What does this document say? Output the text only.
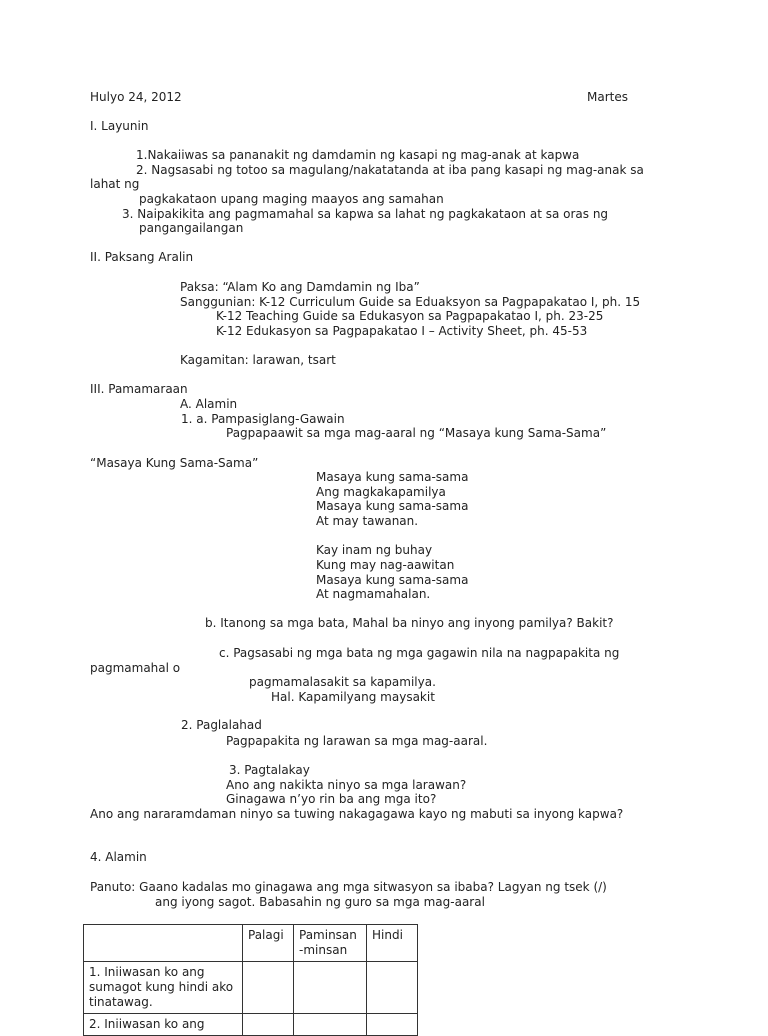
Hulyo 24, 2012	Martes
I. Layunin
1.Nakaiiwas sa pananakit ng damdamin ng kasapi ng mag-anak at kapwa
2. Nagsasabi ng totoo sa magulang/nakatatanda at iba pang kasapi ng mag-anak sa
lahat ng
pagkakataon upang maging maayos ang samahan
3. Naipakikita ang pagmamahal sa kapwa sa lahat ng pagkakataon at sa oras ng
pangangailangan
II. Paksang Aralin
Paksa: “Alam Ko ang Damdamin ng Iba”
Sanggunian: K-12 Curriculum Guide sa Eduaksyon sa Pagpapakatao I, ph. 15
K-12 Teaching Guide sa Edukasyon sa Pagpapakatao I, ph. 23-25
K-12 Edukasyon sa Pagpapakatao I – Activity Sheet, ph. 45-53
Kagamitan: larawan, tsart
III. Pamamaraan
A. Alamin
1. a. Pampasiglang-Gawain
Pagpapaawit sa mga mag-aaral ng “Masaya kung Sama-Sama”
“Masaya Kung Sama-Sama”
Masaya kung sama-sama
Ang magkakapamilya
Masaya kung sama-sama
At may tawanan.
Kay inam ng buhay
Kung may nag-aawitan
Masaya kung sama-sama
At nagmamahalan.
b. Itanong sa mga bata, Mahal ba ninyo ang inyong pamilya? Bakit?
c. Pagsasabi ng mga bata ng mga gagawin nila na nagpapakita ng
pagmamahal o
pagmamalasakit sa kapamilya.
Hal. Kapamilyang maysakit
2. Paglalahad
Pagpapakita ng larawan sa mga mag-aaral.
3. Pagtalakay
Ano ang nakikta ninyo sa mga larawan?
Ginagawa n’yo rin ba ang mga ito?
Ano ang nararamdaman ninyo sa tuwing nakagagawa kayo ng mabuti sa inyong kapwa?
4. Alamin
Panuto: Gaano kadalas mo ginagawa ang mga sitwasyon sa ibaba? Lagyan ng tsek (/)
ang iyong sagot. Babasahin ng guro sa mga mag-aaral
	Palagi	Paminsan-minsan	Hindi
1. Iniiwasan ko ang sumagot kung hindi ako tinatawag.			
2. Iniiwasan ko ang			
